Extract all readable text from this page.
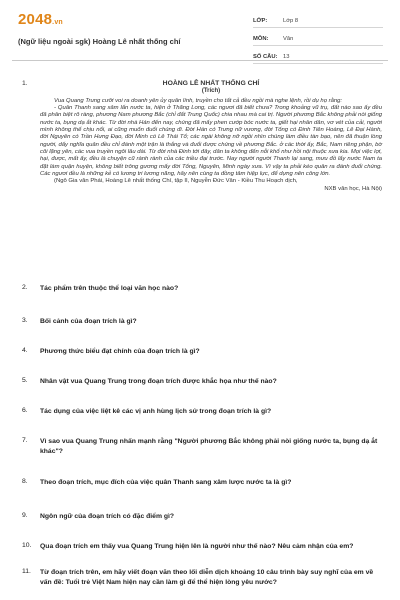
2048.vn
(Ngữ liệu ngoài sgk) Hoàng Lê nhất thống chí
LỚP:	Lớp 8
MÔN:	Văn
SỐ CÂU: 13
1.	HOÀNG LÊ NHẤT THỐNG CHÍ
(Trích)

Vua Quang Trung cưỡi voi ra doanh yên ủy quân lính, truyền cho tất cả đều ngồi mà nghe lệnh, rồi dụ họ rằng:

- Quân Thanh sang xâm lấn nước ta, hiện ở Thăng Long, các ngươi đã biết chưa? Trong khoảng vũ trụ, đất nào sao ấy đều đã phân biệt rõ ràng, phương Nam phương Bắc (chỉ đất Trung Quốc) chia nhau mà cai trị. Người phương Bắc không phải nòi giống nước ta, bụng dạ ắt khác. Từ đời nhà Hán đến nay, chúng đã mấy phen cướp bóc nước ta, giết hại nhân dân, vơ vét của cải, người mình không thể chịu nổi, ai cũng muốn đuổi chúng đi. Đời Hán có Trưng nữ vương, đời Tống có Đinh Tiên Hoàng, Lê Đại Hành, đời Nguyên có Trần Hưng Đạo, đời Minh có Lê Thái Tổ; các ngài không nỡ ngồi nhìn chúng làm điều tàn bạo, nên đã thuận lòng người, dấy nghĩa quân đều chỉ đánh một trận là thắng và đuổi được chúng về phương Bắc. ở các thời ấy, Bắc, Nam riêng phận, bờ cõi lặng yên, các vua truyền ngôi lâu dài. Từ đời nhà Đinh tới đây, dân ta không đến nỗi khổ như hồi nội thuộc xưa kia. Mọi việc lợi, hại, được, mất ấy, đều là chuyện cũ rành rành của các triều đại trước. Nay người người Thanh lại sang, mưu đồ lấy nước Nam ta đặt làm quận huyện, không biết trông gương mấy đời Tống, Nguyên, Minh ngày xưa. Vì vậy ta phải kéo quân ra đánh đuổi chúng. Các ngươi đều là những kẻ có lương tri lương năng, hãy nên cùng ta đồng tâm hiệp lực, để dựng nên công lớn.

(Ngô Gia văn Phái, Hoàng Lê nhất thống Chí, tập II, Nguyễn Đức Vân - Kiều Thu Hoạch dịch,

NXB văn học, Hà Nội)

2.	Tác phẩm trên thuộc thể loại văn học nào?
3.	Bối cảnh của đoạn trích là gì?
4.	Phương thức biểu đạt chính của đoạn trích là gì?
5.	Nhân vật vua Quang Trung trong đoạn trích được khắc họa như thế nào?
6.	Tác dụng của việc liệt kê các vị anh hùng lịch sử trong đoạn trích là gì?
7.	Vì sao vua Quang Trung nhấn mạnh rằng "Người phương Bắc không phải nòi giống nước ta, bụng dạ ắt khác"?
8.	Theo đoạn trích, mục đích của việc quân Thanh sang xâm lược nước ta là gì?
9.	Ngôn ngữ của đoạn trích có đặc điểm gì?
10.	Qua đoạn trích em thấy vua Quang Trung hiện lên là người như thế nào? Nêu cảm nhận của em?
11.	Từ đoạn trích trên, em hãy viết đoạn văn theo lối diễn dịch khoảng 10 câu trình bày suy nghĩ của em về vấn đề: Tuổi trẻ Việt Nam hiện nay cần làm gì để thể hiện lòng yêu nước?
